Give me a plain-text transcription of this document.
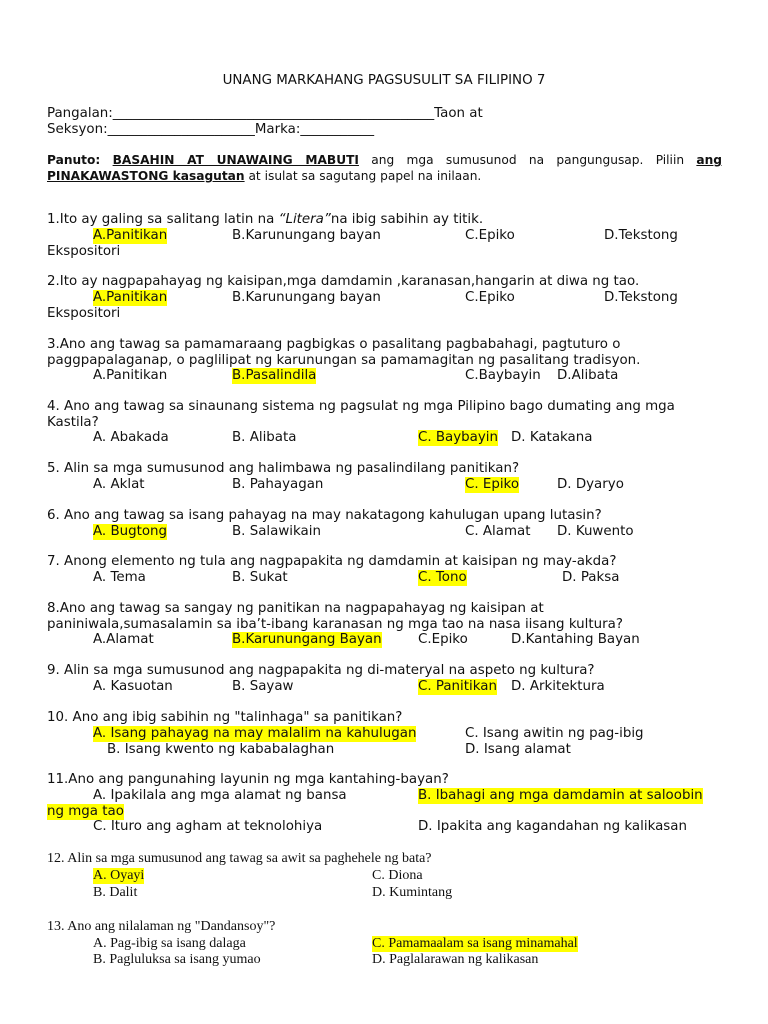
UNANG MARKAHANG PAGSUSULIT SA FILIPINO 7
Pangalan:________________________________________________Taon at
Seksyon:______________________Marka:___________
Panuto: BASAHIN AT UNAWAING MABUTI ang mga sumusunod na pangungusap. Piliin ang PINAKAWASTONG kasagutan at isulat sa sagutang papel na inilaan.
1.Ito ay galing sa salitang latin na “Litera”na ibig sabihin ay titik.
A.Panitikan	B.Karunungang bayan	C.Epiko	D.Tekstong
Ekspositori
2.Ito ay nagpapahayag ng kaisipan,mga damdamin ,karanasan,hangarin at diwa ng tao.
A.Panitikan	B.Karunungang bayan	C.Epiko	D.Tekstong
Ekspositori
3.Ano ang tawag sa pamamaraang pagbigkas o pasalitang pagbabahagi, pagtuturo o
paggpapalaganap, o paglilipat ng karunungan sa pamamagitan ng pasalitang tradisyon.
A.Panitikan	B.Pasalindila	C.Baybayin D.Alibata
4. Ano ang tawag sa sinaunang sistema ng pagsulat ng mga Pilipino bago dumating ang mga
Kastila?
A. Abakada	B. Alibata	C. Baybayin D. Katakana
5. Alin sa mga sumusunod ang halimbawa ng pasalindilang panitikan?
A. Aklat	B. Pahayagan	C. Epiko	D. Dyaryo
6. Ano ang tawag sa isang pahayag na may nakatagong kahulugan upang lutasin?
A. Bugtong	B. Salawikain	C. Alamat D. Kuwento
7. Anong elemento ng tula ang nagpapakita ng damdamin at kaisipan ng may-akda?
A. Tema	B. Sukat	C. Tono	D. Paksa
8.Ano ang tawag sa sangay ng panitikan na nagpapahayag ng kaisipan at
paniniwala,sumasalamin sa iba’t-ibang karanasan ng mga tao na nasa iisang kultura?
A.Alamat	B.Karunungang Bayan	C.Epiko	D.Kantahing Bayan
9. Alin sa mga sumusunod ang nagpapakita ng di-materyal na aspeto ng kultura?
A. Kasuotan	B. Sayaw	C. Panitikan D. Arkitektura
10. Ano ang ibig sabihin ng "talinhaga" sa panitikan?
A. Isang pahayag na may malalim na kahulugan	C. Isang awitin ng pag-ibig
B. Isang kwento ng kababalaghan	D. Isang alamat
11.Ano ang pangunahing layunin ng mga kantahing-bayan?
A. Ipakilala ang mga alamat ng bansa	B. Ibahagi ang mga damdamin at saloobin
ng mga tao
C. Ituro ang agham at teknolohiya	D. Ipakita ang kagandahan ng kalikasan
12. Alin sa mga sumusunod ang tawag sa awit sa paghehele ng bata?
A. Oyayi	C. Diona
B. Dalit	D. Kumintang
13. Ano ang nilalaman ng "Dandansoy"?
A. Pag-ibig sa isang dalaga	C. Pamamaalam sa isang minamahal
B. Pagluluksa sa isang yumao	D. Paglalarawan ng kalikasan
